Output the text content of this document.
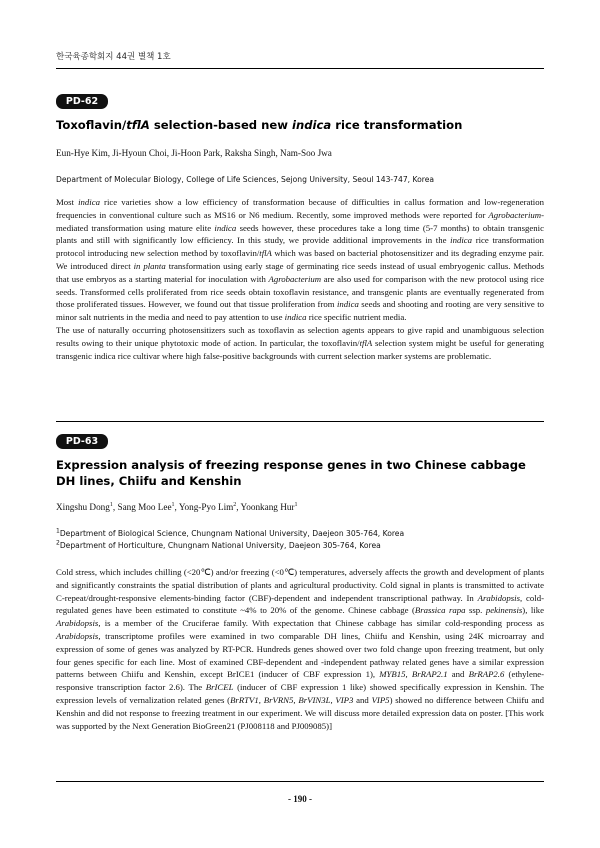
한국육종학회지 44권 별책 1호
PD-62
Toxoflavin/tflA selection-based new indica rice transformation
Eun-Hye Kim, Ji-Hyoun Choi, Ji-Hoon Park, Raksha Singh, Nam-Soo Jwa
Department of Molecular Biology, College of Life Sciences, Sejong University, Seoul 143-747, Korea

Most indica rice varieties show a low efficiency of transformation because of difficulties in callus formation and low-regeneration frequencies in conventional culture such as MS16 or N6 medium. Recently, some improved methods were reported for Agrobacterium-mediated transformation using mature elite indica seeds however, these procedures take a long time (5-7 months) to obtain transgenic plants and still with significantly low efficiency. In this study, we provide additional improvements in the indica rice transformation protocol introducing new selection method by toxoflavin/tflA which was based on bacterial photosensitizer and its degrading enzyme pair. We introduced direct in planta transformation using early stage of germinating rice seeds instead of usual embryogenic callus. Methods that use embryos as a starting material for inoculation with Agrobacterium are also used for comparison with the new protocol using rice seeds. Transformed cells proliferated from rice seeds obtain toxoflavin resistance, and transgenic plants are eventually regenerated from those proliferated tissues. However, we found out that tissue proliferation from indica seeds and shooting and rooting are very sensitive to minor salt nutrients in the media and need to pay attention to use indica rice specific nutrient media.

The use of naturally occurring photosensitizers such as toxoflavin as selection agents appears to give rapid and unambiguous selection results owing to their unique phytotoxic mode of action. In particular, the toxoflavin/tflA selection system might be useful for generating transgenic indica rice cultivar where high false-positive backgrounds with current selection marker systems are problematic.

PD-63
Expression analysis of freezing response genes in two Chinese cabbage DH lines, Chiifu and Kenshin
Xingshu Dong$^1$, Sang Moo Lee$^1$, Yong-Pyo Lim$^2$, Yoonkang Hur$^1$
$^1$Department of Biological Science, Chungnam National University, Daejeon 305-764, Korea
$^2$Department of Horticulture, Chungnam National University, Daejeon 305-764, Korea

Cold stress, which includes chilling (<20℃) and/or freezing (<0℃) temperatures, adversely affects the growth and development of plants and significantly constraints the spatial distribution of plants and agricultural productivity. Cold signal in plants is transmitted to activate C-repeat/drought-responsive elements-binding factor (CBF)-dependent and independent transcriptional pathway. In Arabidopsis, cold-regulated genes have been estimated to constitute ~4% to 20% of the genome. Chinese cabbage (Brassica rapa ssp. pekinensis), like Arabidopsis, is a member of the Cruciferae family. With expectation that Chinese cabbage has similar cold-responding process as Arabidopsis, transcriptome profiles were examined in two comparable DH lines, Chiifu and Kenshin, using 24K microarray and expression of some of genes was analyzed by RT-PCR. Hundreds genes showed over two fold change upon freezing treatment, but only four genes specific for each line. Most of examined CBF-dependent and -independent pathway related genes have a similar expression patterns between Chiifu and Kenshin, except BrICE1 (inducer of CBF expression 1), MYB15, BrRAP2.1 and BrRAP2.6 (ethylene-responsive transcription factor 2.6). The BrICEL (inducer of CBF expression 1 like) showed specifically expression in Kenshin. The expression levels of vernalization related genes (BrRTV1, BrVRN5, BrVIN3L, VIP3 and VIP5) showed no difference between Chiifu and Kenshin and did not response to freezing treatment in our experiment. We will discuss more detailed expression data on poster. [This work was supported by the Next Generation BioGreen21 (PJ008118 and PJ009085)]

- 190 -
